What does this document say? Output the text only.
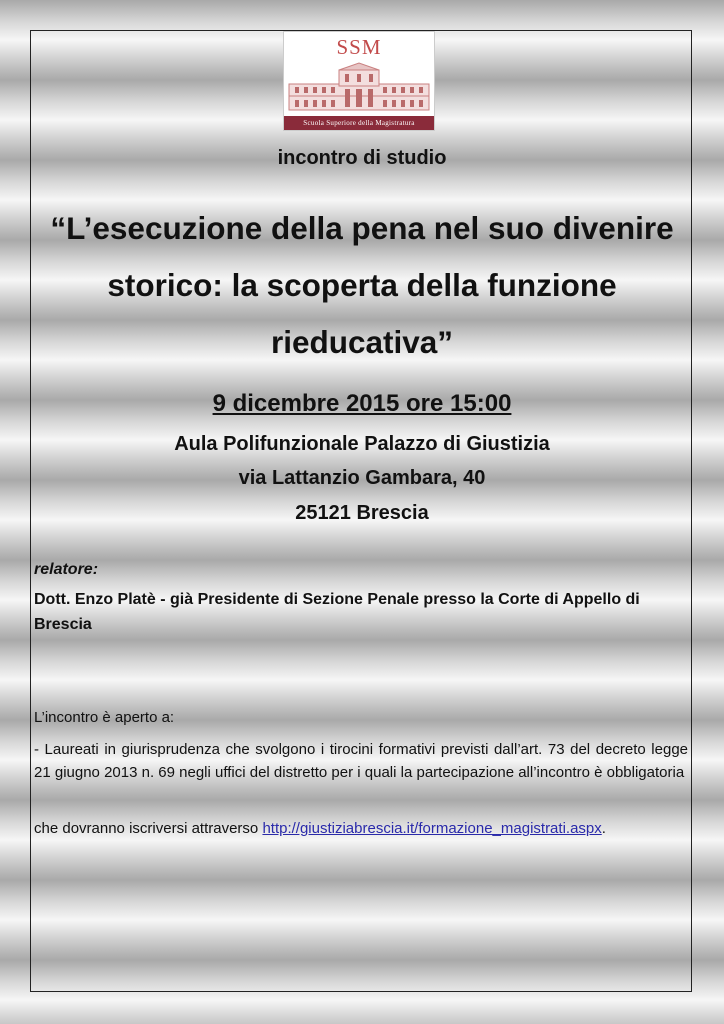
SSM
Scuola Superiore della Magistratura
incontro di studio
“L’esecuzione della pena nel suo divenire storico: la scoperta della funzione rieducativa”
9 dicembre 2015 ore 15:00
Aula Polifunzionale Palazzo di Giustizia
via Lattanzio Gambara, 40
25121 Brescia
relatore:
Dott. Enzo Platè - già Presidente di Sezione Penale presso la Corte di Appello di Brescia
L’incontro è aperto a:
- Laureati in giurisprudenza che svolgono i tirocini formativi previsti dall’art. 73 del decreto legge 21 giugno 2013 n. 69 negli uffici del distretto per i quali la partecipazione all’incontro è obbligatoria
che dovranno iscriversi attraverso http://giustiziabrescia.it/formazione_magistrati.aspx.
